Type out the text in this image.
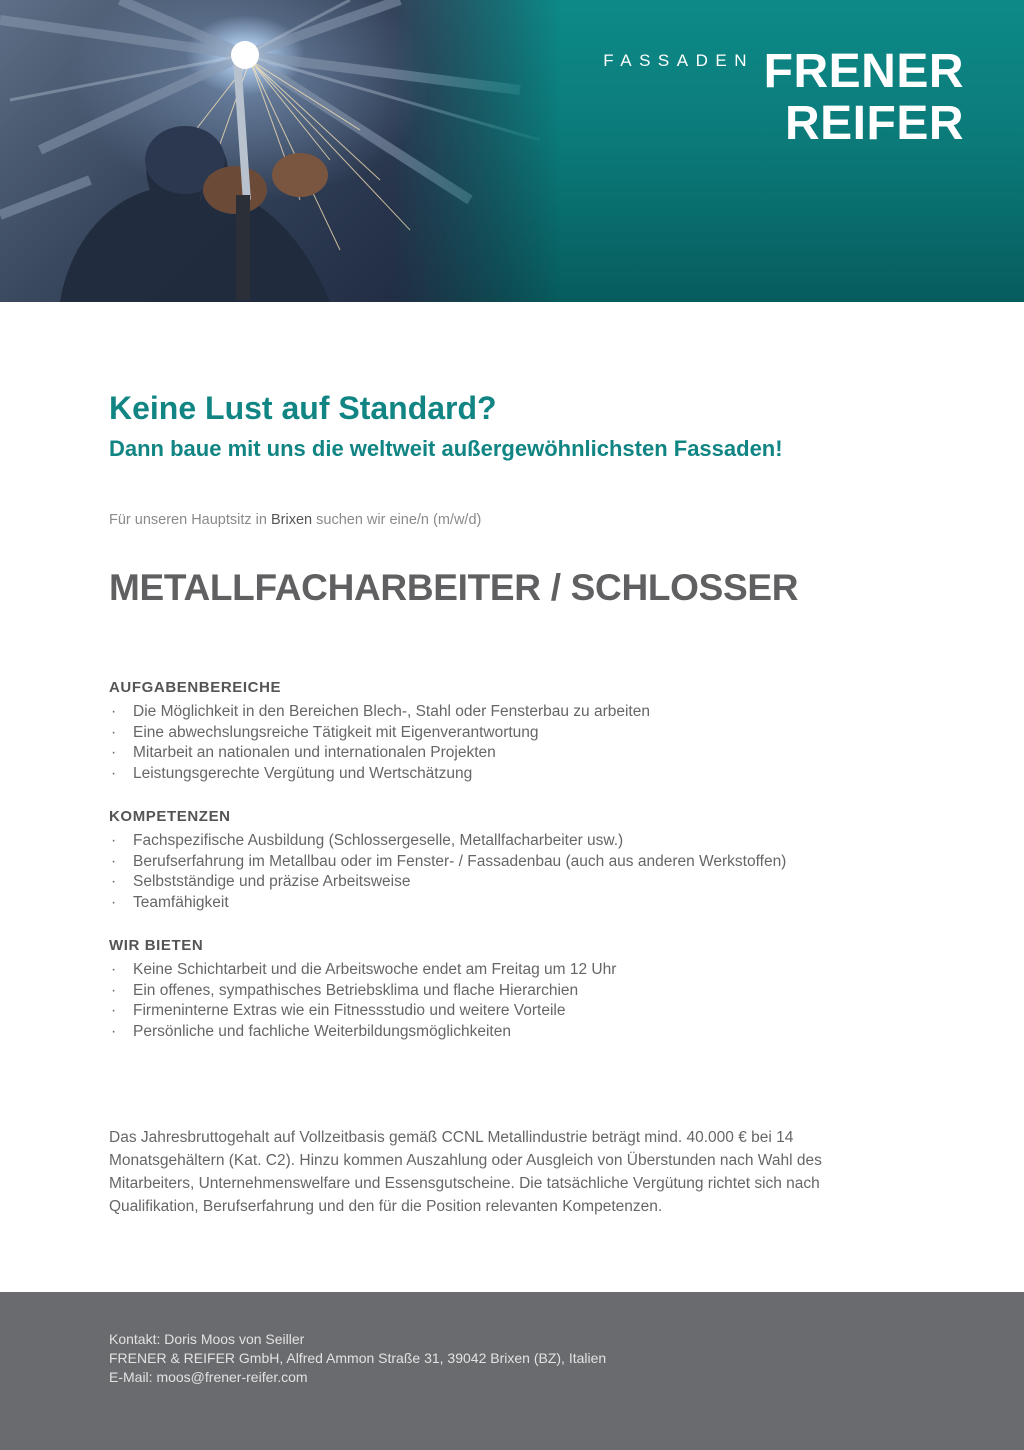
FASSADEN FRENER
REIFER
Keine Lust auf Standard?
Dann baue mit uns die weltweit außergewöhnlichsten Fassaden!

Für unseren Hauptsitz in Brixen suchen wir eine/n (m/w/d)

METALLFACHARBEITER / SCHLOSSER
AUFGABENBEREICHE
· Die Möglichkeit in den Bereichen Blech-, Stahl oder Fensterbau zu arbeiten
· Eine abwechslungsreiche Tätigkeit mit Eigenverantwortung
· Mitarbeit an nationalen und internationalen Projekten
· Leistungsgerechte Vergütung und Wertschätzung
KOMPETENZEN
· Fachspezifische Ausbildung (Schlossergeselle, Metallfacharbeiter usw.)
· Berufserfahrung im Metallbau oder im Fenster- / Fassadenbau (auch aus anderen Werkstoffen)
· Selbstständige und präzise Arbeitsweise
· Teamfähigkeit
WIR BIETEN
· Keine Schichtarbeit und die Arbeitswoche endet am Freitag um 12 Uhr
· Ein offenes, sympathisches Betriebsklima und flache Hierarchien
· Firmeninterne Extras wie ein Fitnessstudio und weitere Vorteile
· Persönliche und fachliche Weiterbildungsmöglichkeiten

Das Jahresbruttogehalt auf Vollzeitbasis gemäß CCNL Metallindustrie beträgt mind. 40.000 € bei 14 Monatsgehältern (Kat. C2). Hinzu kommen Auszahlung oder Ausgleich von Überstunden nach Wahl des Mitarbeiters, Unternehmenswelfare und Essensgutscheine. Die tatsächliche Vergütung richtet sich nach Qualifikation, Berufserfahrung und den für die Position relevanten Kompetenzen.

Kontakt: Doris Moos von Seiller
FRENER & REIFER GmbH, Alfred Ammon Straße 31, 39042 Brixen (BZ), Italien
E-Mail: moos@frener-reifer.com
